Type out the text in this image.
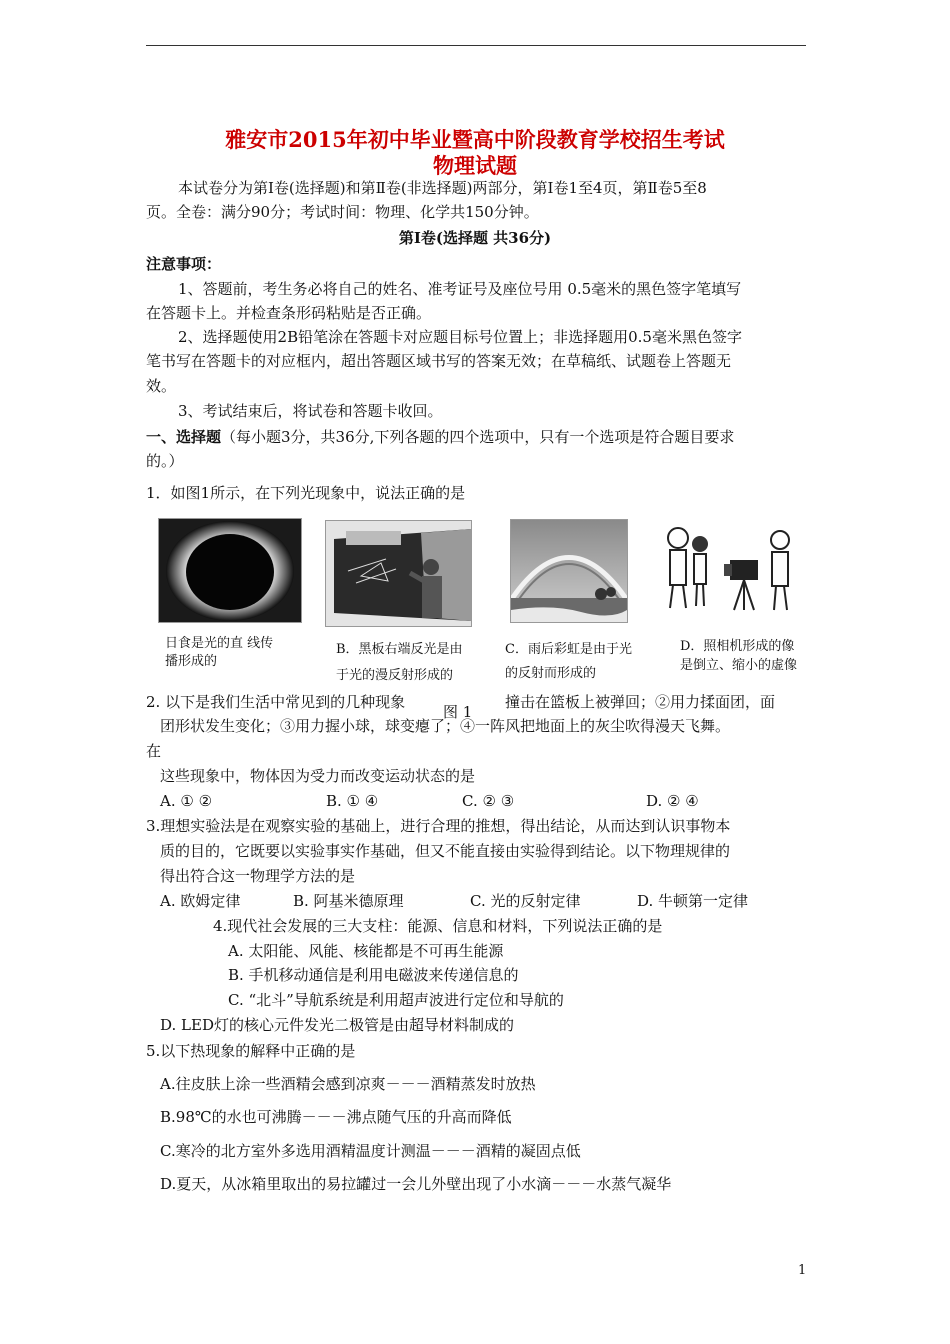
雅安市2015年初中毕业暨高中阶段教育学校招生考试
物理试题
本试卷分为第Ⅰ卷(选择题)和第Ⅱ卷(非选择题)两部分，第Ⅰ卷1至4页，第Ⅱ卷5至8
页。全卷：满分90分；考试时间：物理、化学共150分钟。
第Ⅰ卷(选择题 共36分)
注意事项：
1、答题前，考生务必将自己的姓名、准考证号及座位号用 0.5毫米的黑色签字笔填写
在答题卡上。并检查条形码粘贴是否正确。
2、选择题使用2B铅笔涂在答题卡对应题目标号位置上；非选择题用0.5毫米黑色签字
笔书写在答题卡的对应框内，超出答题区域书写的答案无效；在草稿纸、试题卷上答题无
效。
3、考试结束后，将试卷和答题卡收回。
一、选择题（每小题3分，共36分,下列各题的四个选项中，只有一个选项是符合题目要求
的。）
1．如图1所示，在下列光现象中，说法正确的是
日食是光的直 线传
播形成的
B．黑板右端反光是由
于光的漫反射形成的
C．雨后彩虹是由于光
的反射而形成的
D．照相机形成的像
是倒立、缩小的虚像
2. 以下是我们生活中常见到的几种现象
图 1
撞击在篮板上被弹回；②用力揉面团，面
团形状发生变化；③用力握小球，球变瘪了；④一阵风把地面上的灰尘吹得漫天飞舞。
在
这些现象中，物体因为受力而改变运动状态的是
A. ① ②	B. ① ④	C. ② ③	D. ② ④
3.理想实验法是在观察实验的基础上，进行合理的推想，得出结论，从而达到认识事物本
质的目的，它既要以实验事实作基础，但又不能直接由实验得到结论。以下物理规律的
得出符合这一物理学方法的是
A. 欧姆定律	B. 阿基米德原理	C. 光的反射定律	D. 牛顿第一定律
4.现代社会发展的三大支柱：能源、信息和材料，下列说法正确的是
A. 太阳能、风能、核能都是不可再生能源
B. 手机移动通信是利用电磁波来传递信息的
C. “北斗”导航系统是利用超声波进行定位和导航的
D. LED灯的核心元件发光二极管是由超导材料制成的
5.以下热现象的解释中正确的是
A.往皮肤上涂一些酒精会感到凉爽－－－酒精蒸发时放热
B.98℃的水也可沸腾－－－沸点随气压的升高而降低
C.寒冷的北方室外多选用酒精温度计测温－－－酒精的凝固点低
D.夏天，从冰箱里取出的易拉罐过一会儿外壁出现了小水滴－－－水蒸气凝华
1
